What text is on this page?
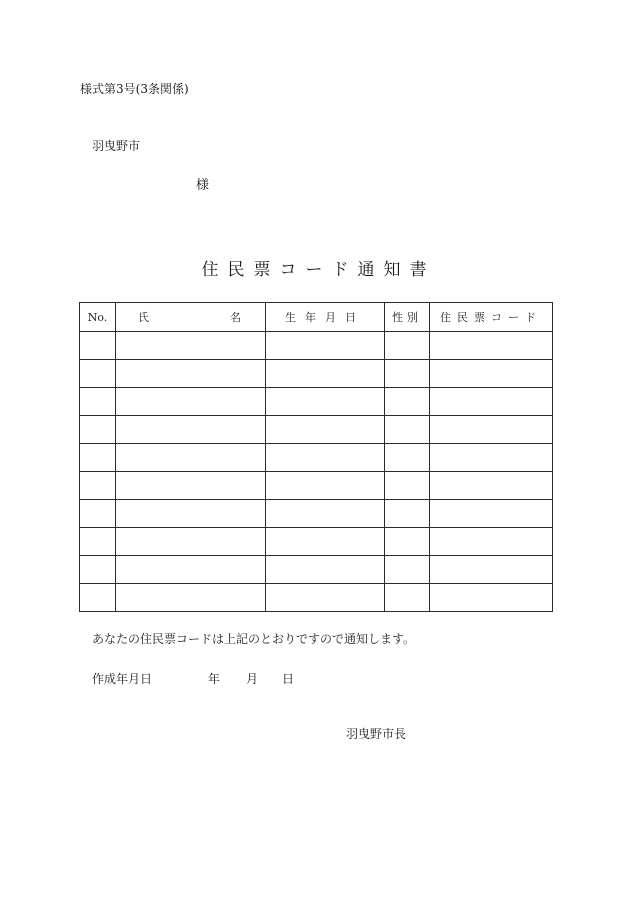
様式第3号(3条関係)
羽曳野市
様
住民票コード通知書
No.	氏 名	生年月日	性別	住民票コード

あなたの住民票コードは上記のとおりですので通知します。
作成年月日	年 月 日
羽曳野市長
